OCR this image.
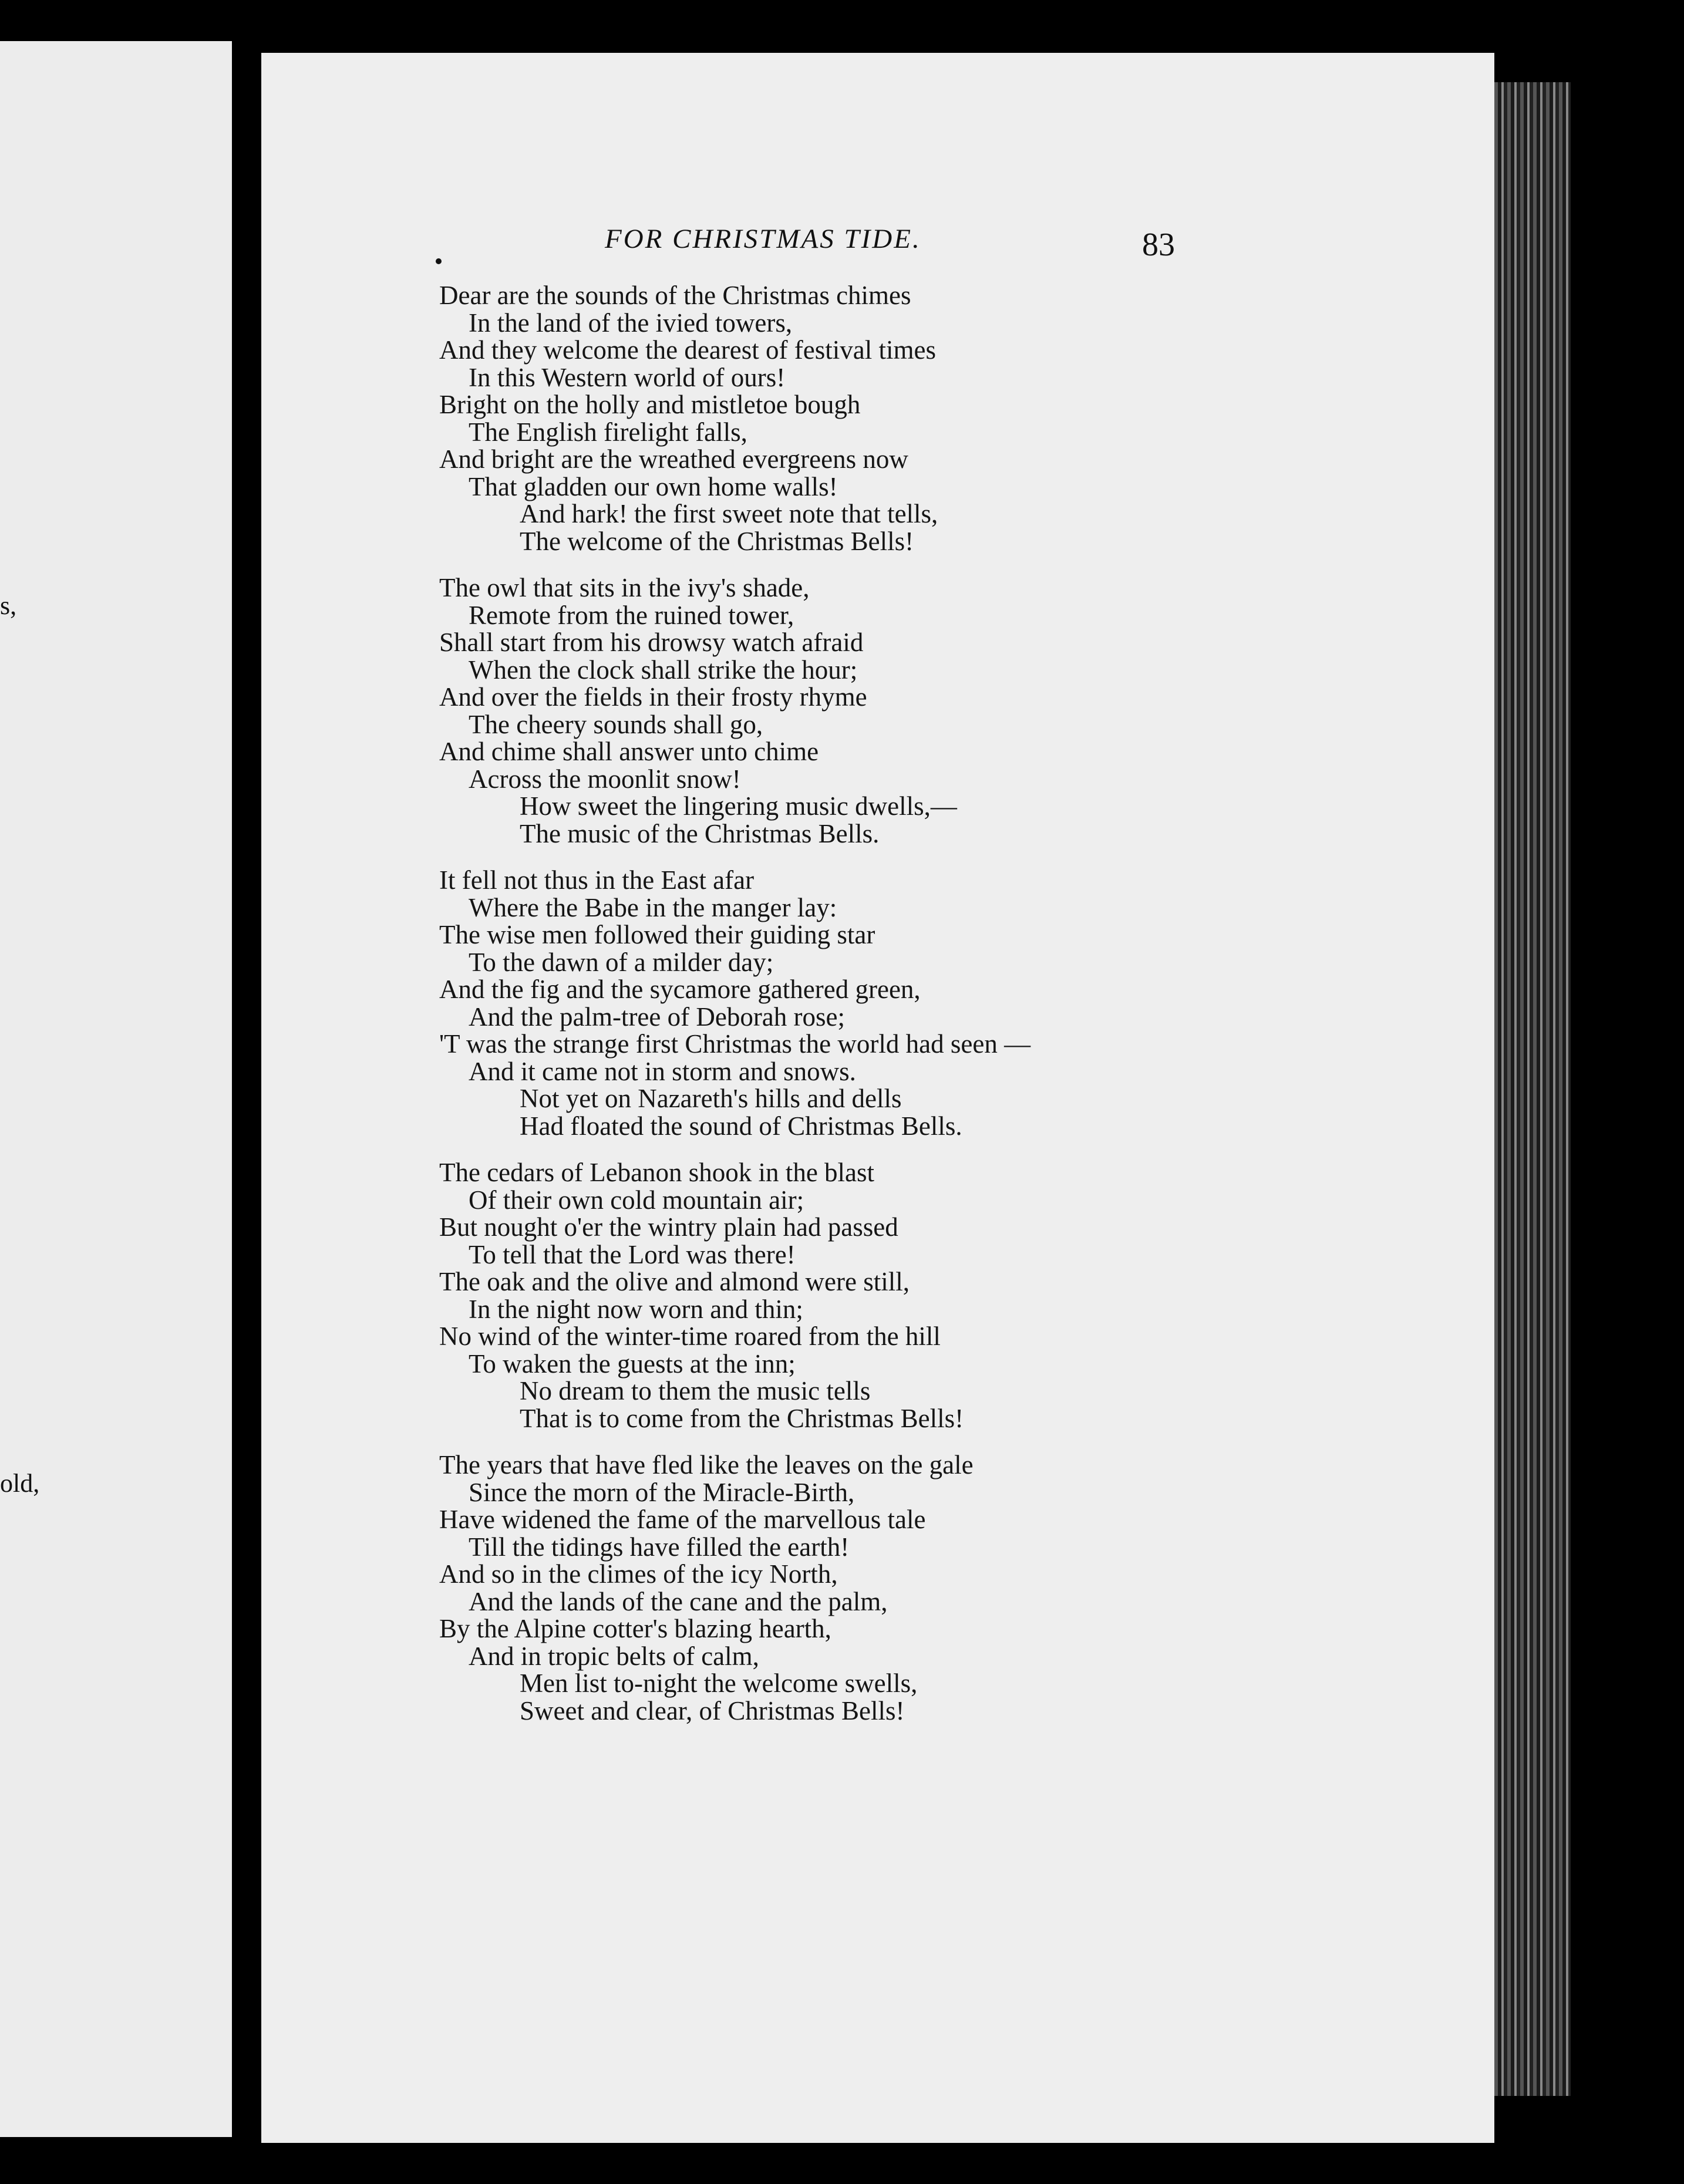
s,
old,
FOR CHRISTMAS TIDE.	83
Dear are the sounds of the Christmas chimes
In the land of the ivied towers,
And they welcome the dearest of festival times
In this Western world of ours!
Bright on the holly and mistletoe bough
The English firelight falls,
And bright are the wreathed evergreens now
That gladden our own home walls!
And hark! the first sweet note that tells,
The welcome of the Christmas Bells!
The owl that sits in the ivy's shade,
Remote from the ruined tower,
Shall start from his drowsy watch afraid
When the clock shall strike the hour;
And over the fields in their frosty rhyme
The cheery sounds shall go,
And chime shall answer unto chime
Across the moonlit snow!
How sweet the lingering music dwells,—
The music of the Christmas Bells.
It fell not thus in the East afar
Where the Babe in the manger lay:
The wise men followed their guiding star
To the dawn of a milder day;
And the fig and the sycamore gathered green,
And the palm-tree of Deborah rose;
'T was the strange first Christmas the world had seen —
And it came not in storm and snows.
Not yet on Nazareth's hills and dells
Had floated the sound of Christmas Bells.
The cedars of Lebanon shook in the blast
Of their own cold mountain air;
But nought o'er the wintry plain had passed
To tell that the Lord was there!
The oak and the olive and almond were still,
In the night now worn and thin;
No wind of the winter-time roared from the hill
To waken the guests at the inn;
No dream to them the music tells
That is to come from the Christmas Bells!
The years that have fled like the leaves on the gale
Since the morn of the Miracle-Birth,
Have widened the fame of the marvellous tale
Till the tidings have filled the earth!
And so in the climes of the icy North,
And the lands of the cane and the palm,
By the Alpine cotter's blazing hearth,
And in tropic belts of calm,
Men list to-night the welcome swells,
Sweet and clear, of Christmas Bells!
